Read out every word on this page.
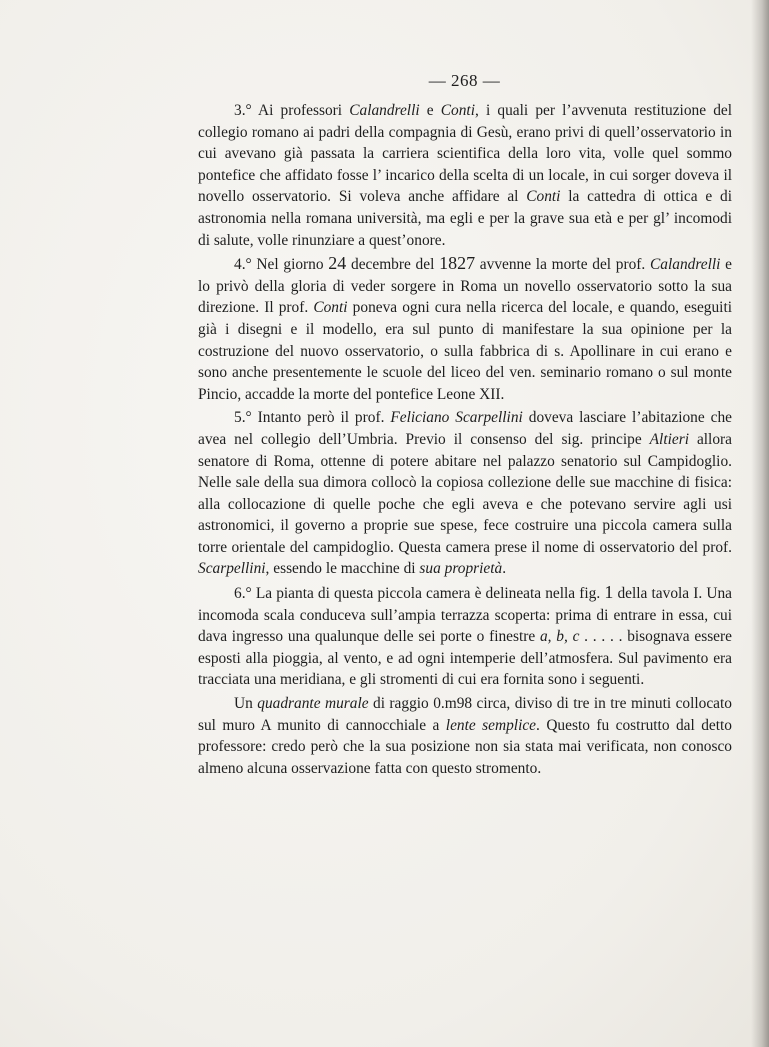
— 268 —

3.° Ai professori Calandrelli e Conti, i quali per l’avvenuta restituzione del collegio romano ai padri della compagnia di Gesù, erano privi di quell’osservatorio in cui avevano già passata la carriera scientifica della loro vita, volle quel sommo pontefice che affidato fosse l’ incarico della scelta di un locale, in cui sorger doveva il novello osservatorio. Si voleva anche affidare al Conti la cattedra di ottica e di astronomia nella romana università, ma egli e per la grave sua età e per gl’ incomodi di salute, volle rinunziare a quest’onore.

4.° Nel giorno 24 decembre del 1827 avvenne la morte del prof. Calandrelli e lo privò della gloria di veder sorgere in Roma un novello osservatorio sotto la sua direzione. Il prof. Conti poneva ogni cura nella ricerca del locale, e quando, eseguiti già i disegni e il modello, era sul punto di manifestare la sua opinione per la costruzione del nuovo osservatorio, o sulla fabbrica di s. Apollinare in cui erano e sono anche presentemente le scuole del liceo del ven. seminario romano o sul monte Pincio, accadde la morte del pontefice Leone XII.

5.° Intanto però il prof. Feliciano Scarpellini doveva lasciare l’abitazione che avea nel collegio dell’Umbria. Previo il consenso del sig. principe Altieri allora senatore di Roma, ottenne di potere abitare nel palazzo senatorio sul Campidoglio. Nelle sale della sua dimora collocò la copiosa collezione delle sue macchine di fisica: alla collocazione di quelle poche che egli aveva e che potevano servire agli usi astronomici, il governo a proprie sue spese, fece costruire una piccola camera sulla torre orientale del campidoglio. Questa camera prese il nome di osservatorio del prof. Scarpellini, essendo le macchine di sua proprietà.

6.° La pianta di questa piccola camera è delineata nella fig. 1 della tavola I. Una incomoda scala conduceva sull’ampia terrazza scoperta: prima di entrare in essa, cui dava ingresso una qualunque delle sei porte o finestre a, b, c . . . . . bisognava essere esposti alla pioggia, al vento, e ad ogni intemperie dell’atmosfera. Sul pavimento era tracciata una meridiana, e gli stromenti di cui era fornita sono i seguenti.

Un quadrante murale di raggio 0.m98 circa, diviso di tre in tre minuti collocato sul muro A munito di cannocchiale a lente semplice. Questo fu costrutto dal detto professore: credo però che la sua posizione non sia stata mai verificata, non conosco almeno alcuna osservazione fatta con questo stromento.
